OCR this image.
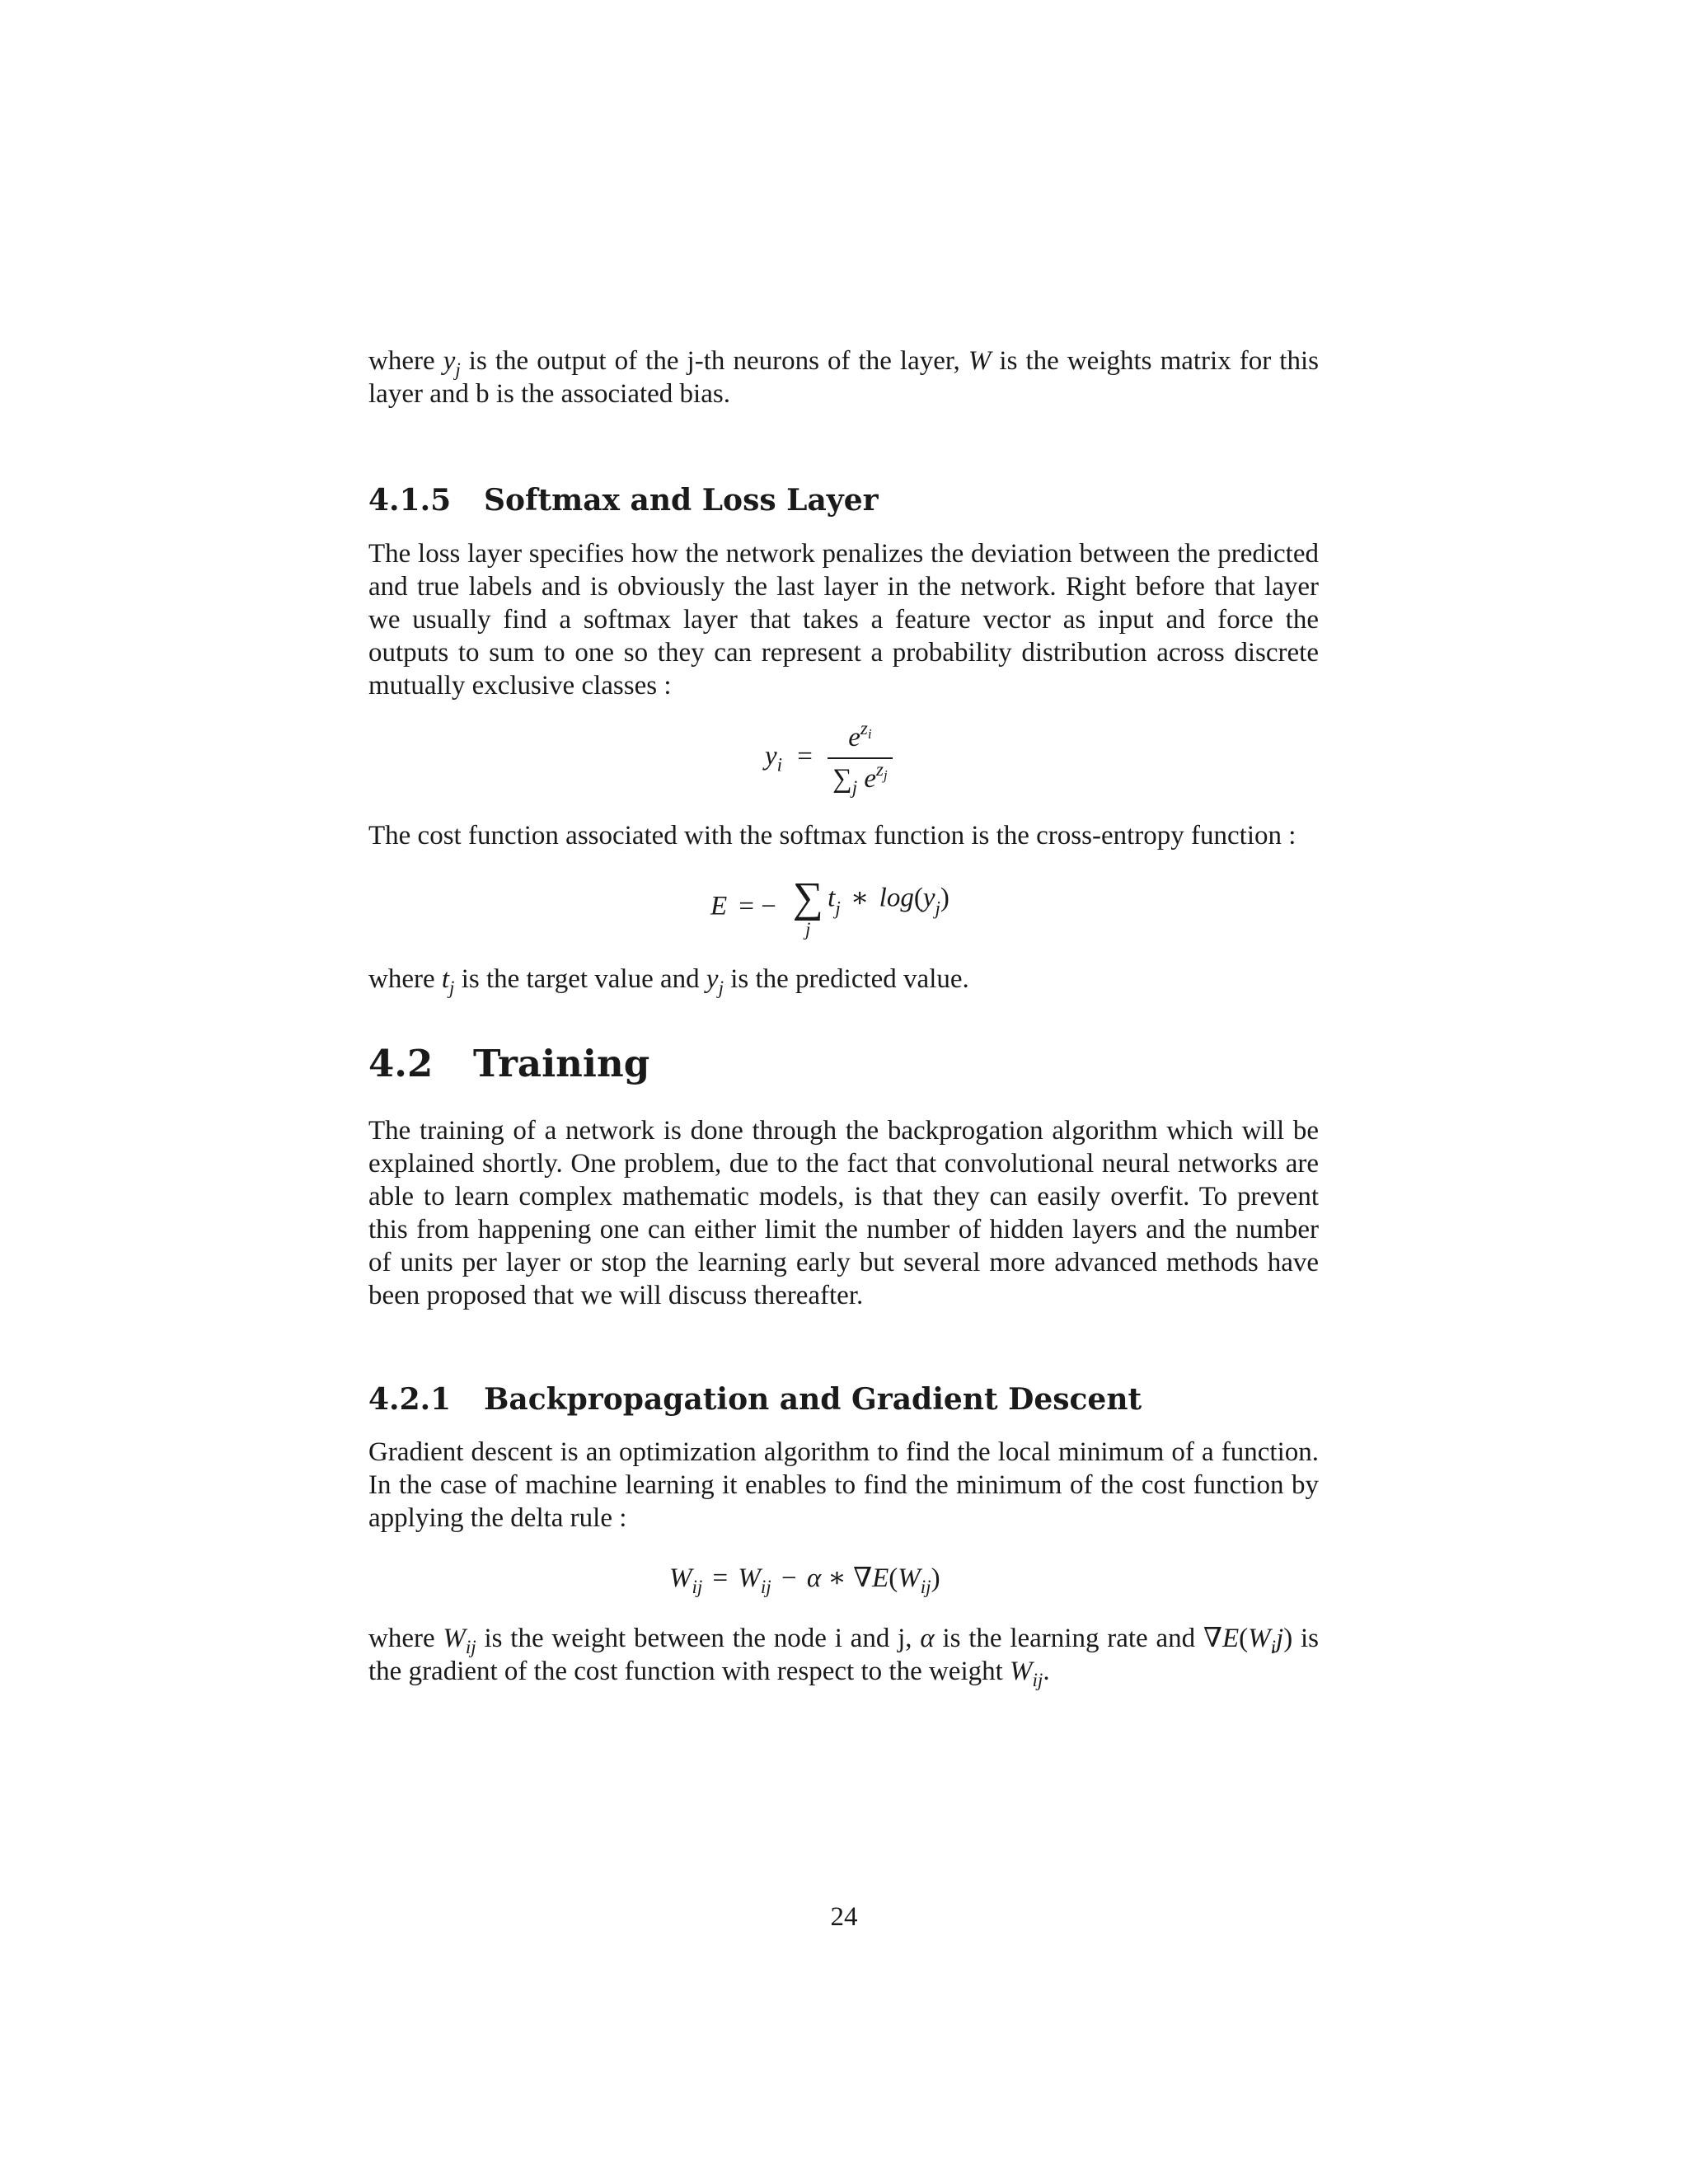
where $y_j$ is the output of the j-th neurons of the layer, W is the weights matrix for this layer and b is the associated bias.

4.1.5 Softmax and Loss Layer

The loss layer specifies how the network penalizes the deviation between the predicted and true labels and is obviously the last layer in the network. Right before that layer we usually find a softmax layer that takes a feature vector as input and force the outputs to sum to one so they can represent a probability distribution across discrete mutually exclusive classes :

$y_i = \frac{e^{z_i}}{\sum_j e^{z_j}}$

The cost function associated with the softmax function is the cross-entropy function :

E = − ∑
j
tj ∗ log(yj)

where $t_j$ is the target value and $y_j$ is the predicted value.

4.2 Training

The training of a network is done through the backprogation algorithm which will be explained shortly. One problem, due to the fact that convolutional neural networks are able to learn complex mathematic models, is that they can easily overfit. To prevent this from happening one can either limit the number of hidden layers and the number of units per layer or stop the learning early but several more advanced methods have been proposed that we will discuss thereafter.

4.2.1 Backpropagation and Gradient Descent

Gradient descent is an optimization algorithm to find the local minimum of a function. In the case of machine learning it enables to find the minimum of the cost function by applying the delta rule :

$W_{ij} = W_{ij} - \alpha$ ∗ $\nabla E(W_{ij})$

where $W_{ij}$ is the weight between the node i and j, α is the learning rate and $\nabla E(W_ij)$ is the gradient of the cost function with respect to the weight $W_{ij}$.

24
